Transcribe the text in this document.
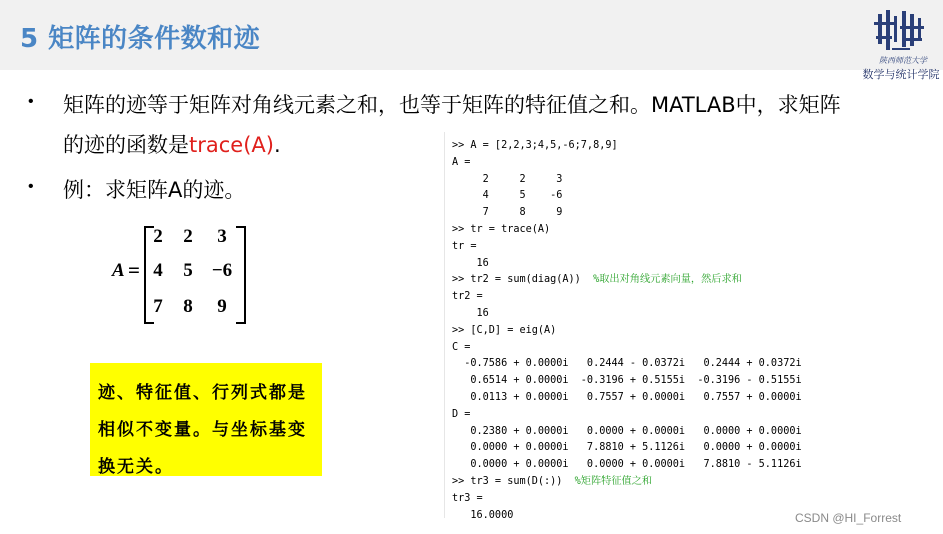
5 矩阵的条件数和迹
陕西师范大学
数学与统计学院
• 矩阵的迹等于矩阵对角线元素之和，也等于矩阵的特征值之和。MATLAB中，求矩阵
的迹的函数是trace(A).
• 例：求矩阵A的迹。
A =
2	2	3
4	5	−6
7	8	9
迹、特征值、行列式都是相似不变量。与坐标基变换无关。
>> A = [2,2,3;4,5,-6;7,8,9]
A =
2     2     3
4     5    -6
7     8     9
>> tr = trace(A)
tr =
16
>> tr2 = sum(diag(A))  %取出对角线元素向量，然后求和
tr2 =
16
>> [C,D] = eig(A)
C =
-0.7586 + 0.0000i   0.2444 - 0.0372i   0.2444 + 0.0372i
0.6514 + 0.0000i  -0.3196 + 0.5155i  -0.3196 - 0.5155i
0.0113 + 0.0000i   0.7557 + 0.0000i   0.7557 + 0.0000i
D =
0.2380 + 0.0000i   0.0000 + 0.0000i   0.0000 + 0.0000i
0.0000 + 0.0000i   7.8810 + 5.1126i   0.0000 + 0.0000i
0.0000 + 0.0000i   0.0000 + 0.0000i   7.8810 - 5.1126i
>> tr3 = sum(D(:))  %矩阵特征值之和
tr3 =
16.0000	CSDN @HI_Forrest
